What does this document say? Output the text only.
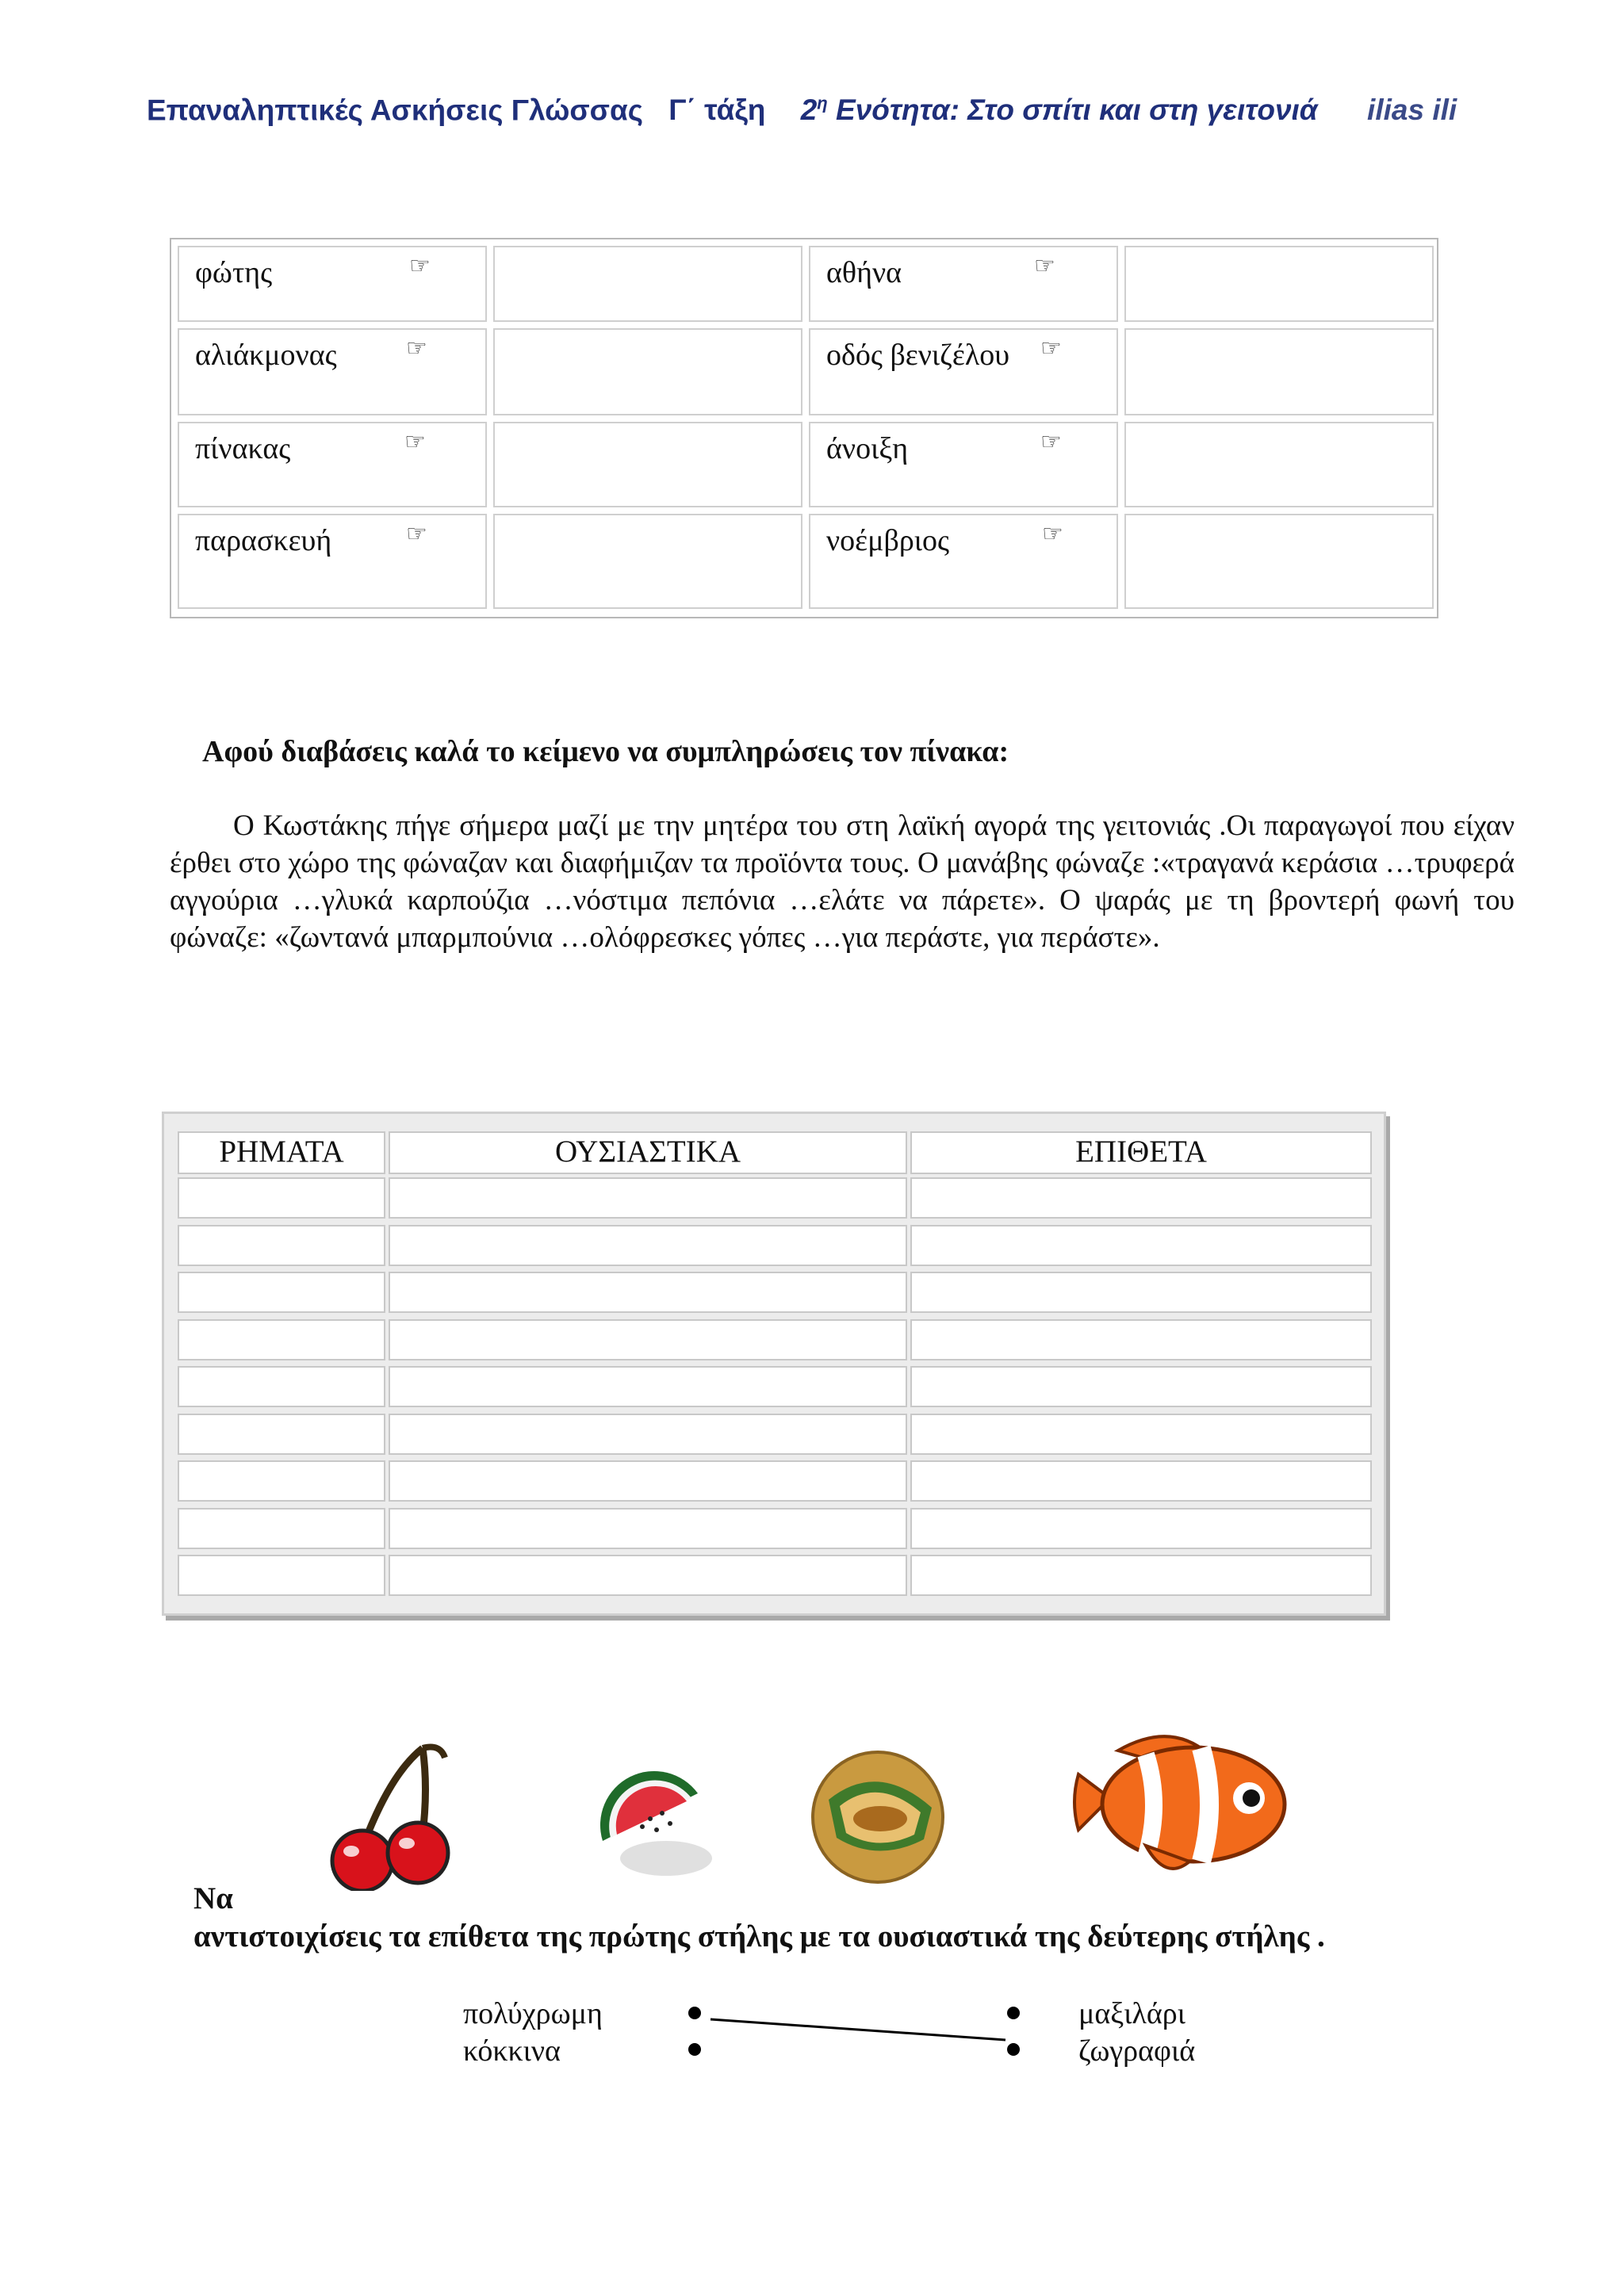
Επαναληπτικές Ασκήσεις Γλώσσας Γ΄ τάξη $2^\eta$ Ενότητα: Στο σπίτι και στη γειτονιά ilias ili
φώτης	☞	αθήνα	☞
αλιάκμονας	☞	οδός βενιζέλου ☞
πίνακας	☞	άνοιξη	☞
παρασκευή	☞	νοέμβριος	☞
Αφού διαβάσεις καλά το κείμενο να συμπληρώσεις τον πίνακα:
Ο Κωστάκης πήγε σήμερα μαζί με την μητέρα του στη λαϊκή αγορά της γειτονιάς .Οι παραγωγοί που είχαν έρθει στο χώρο της φώναζαν και διαφήμιζαν τα προϊόντα τους. Ο μανάβης φώναζε :«τραγανά κεράσια …τρυφερά αγγούρια …γλυκά καρπούζια …νόστιμα πεπόνια …ελάτε να πάρετε». Ο ψαράς με τη βροντερή φωνή του φώναζε: «ζωντανά μπαρμπούνια …ολόφρεσκες γόπες …για περάστε, για περάστε».
ΡΗΜΑΤΑ	ΟΥΣΙΑΣΤΙΚΑ	ΕΠΙΘΕΤΑ
Να
αντιστοιχίσεις τα επίθετα της πρώτης στήλης με τα ουσιαστικά της δεύτερης στήλης .
πολύχρωμη
κόκκινα
μαξιλάρι
ζωγραφιά
